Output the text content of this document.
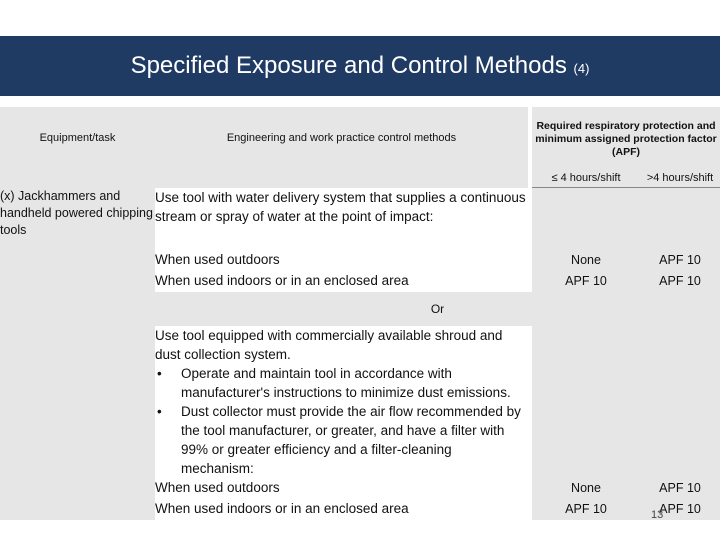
Specified Exposure and Control Methods (4)
Equipment/task	Engineering and work practice control methods		Required respiratory protection and minimum assigned protection factor (APF)	
			≤ 4 hours/shift	>4 hours/shift

(x) Jackhammers and handheld powered chipping tools	Use tool with water delivery system that supplies a continuous stream or spray of water at the point of impact:			
	When used outdoors		None	APF 10
	When used indoors or in an enclosed area		APF 10	APF 10
	Or			
	Use tool equipped with commercially available shroud and dust collection system.			

	• Operate and maintain tool in accordance with manufacturer's instructions to minimize dust emissions.			

	• Dust collector must provide the air flow recommended by the tool manufacturer, or greater, and have a filter with 99% or greater efficiency and a filter-cleaning mechanism:			

	When used outdoors		None	APF 10
	When used indoors or in an enclosed area		APF 10	APF 10
13
